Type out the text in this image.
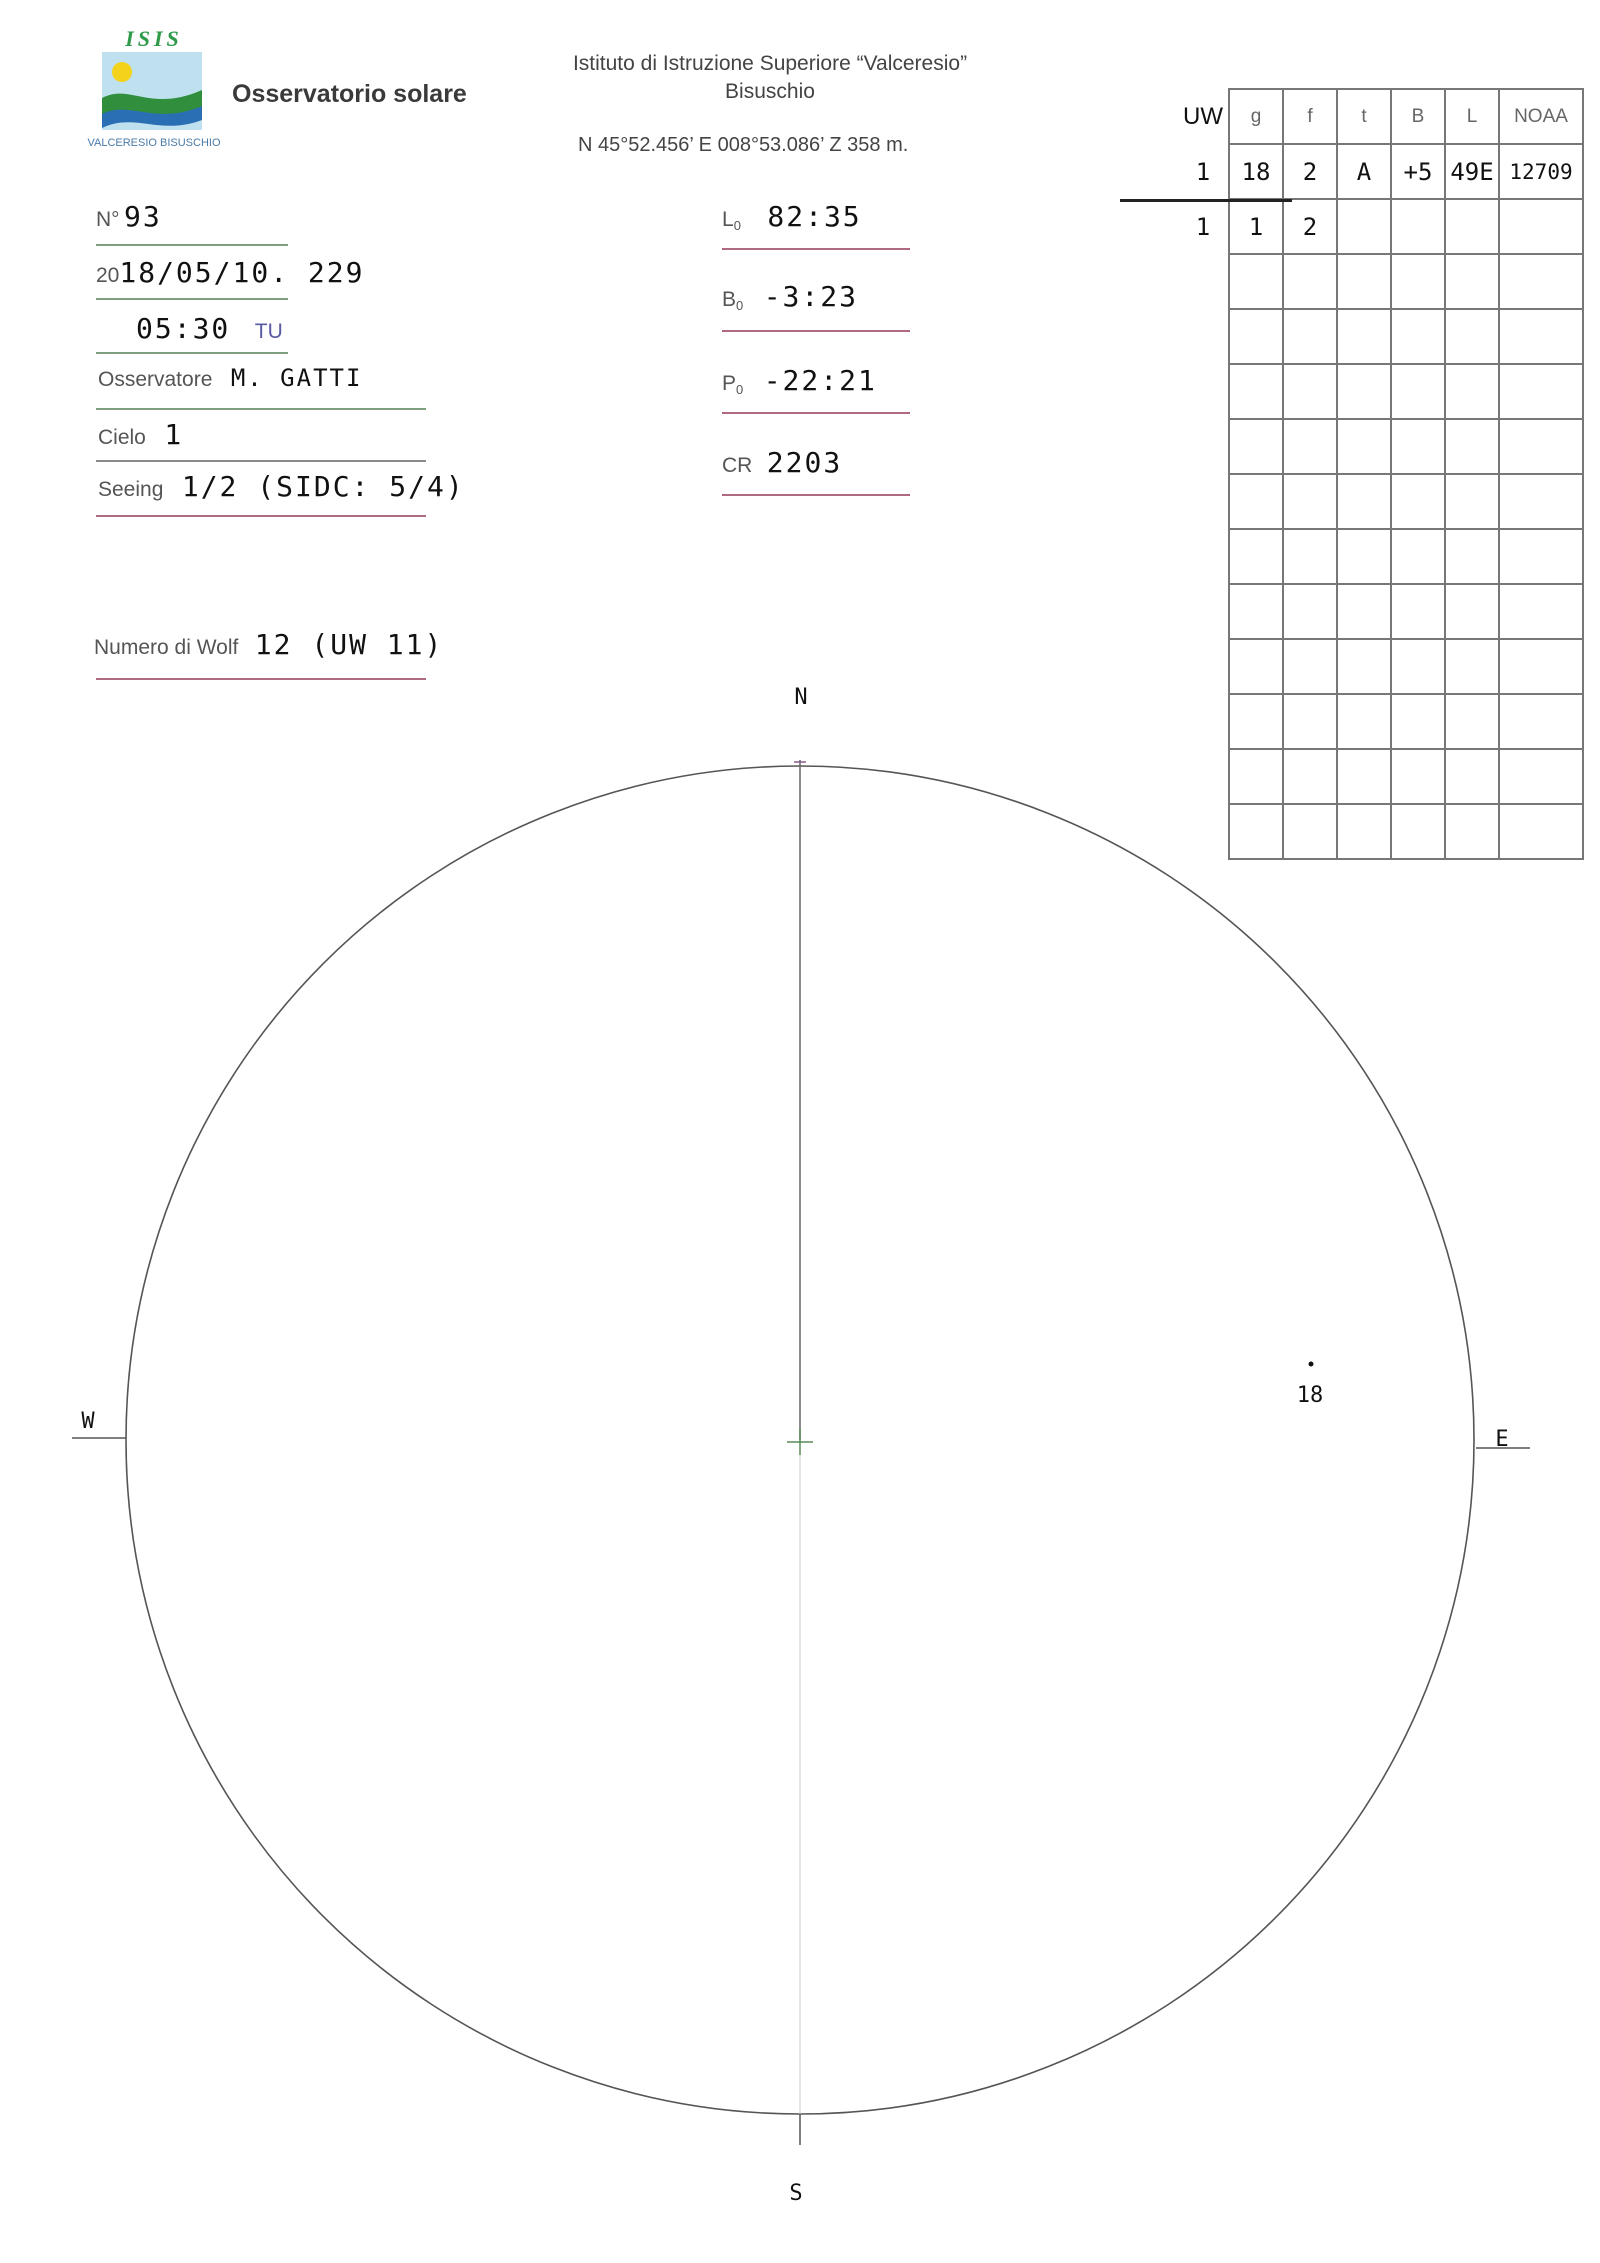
ISIS
VALCERESIO BISUSCHIO
Osservatorio solare
Istituto di Istruzione Superiore “Valceresio”
Bisuschio
N 45°52.456’ E 008°53.086’ Z 358 m.
N° 93
2018/05/10. 229
05:30 TU
Osservatore M. GATTI
Cielo 1
Seeing 1/2 (SIDC: 5/4)
Numero di Wolf 12 (UW 11)
$L_0$ 82:35
$B_0$ -3:23
$P_0$ -22:21
CR 2203
UW	g	f	t	B	L	NOAA
1	18	2	A	+5	49E	12709
1	1	2				

N
S
W
E
18
